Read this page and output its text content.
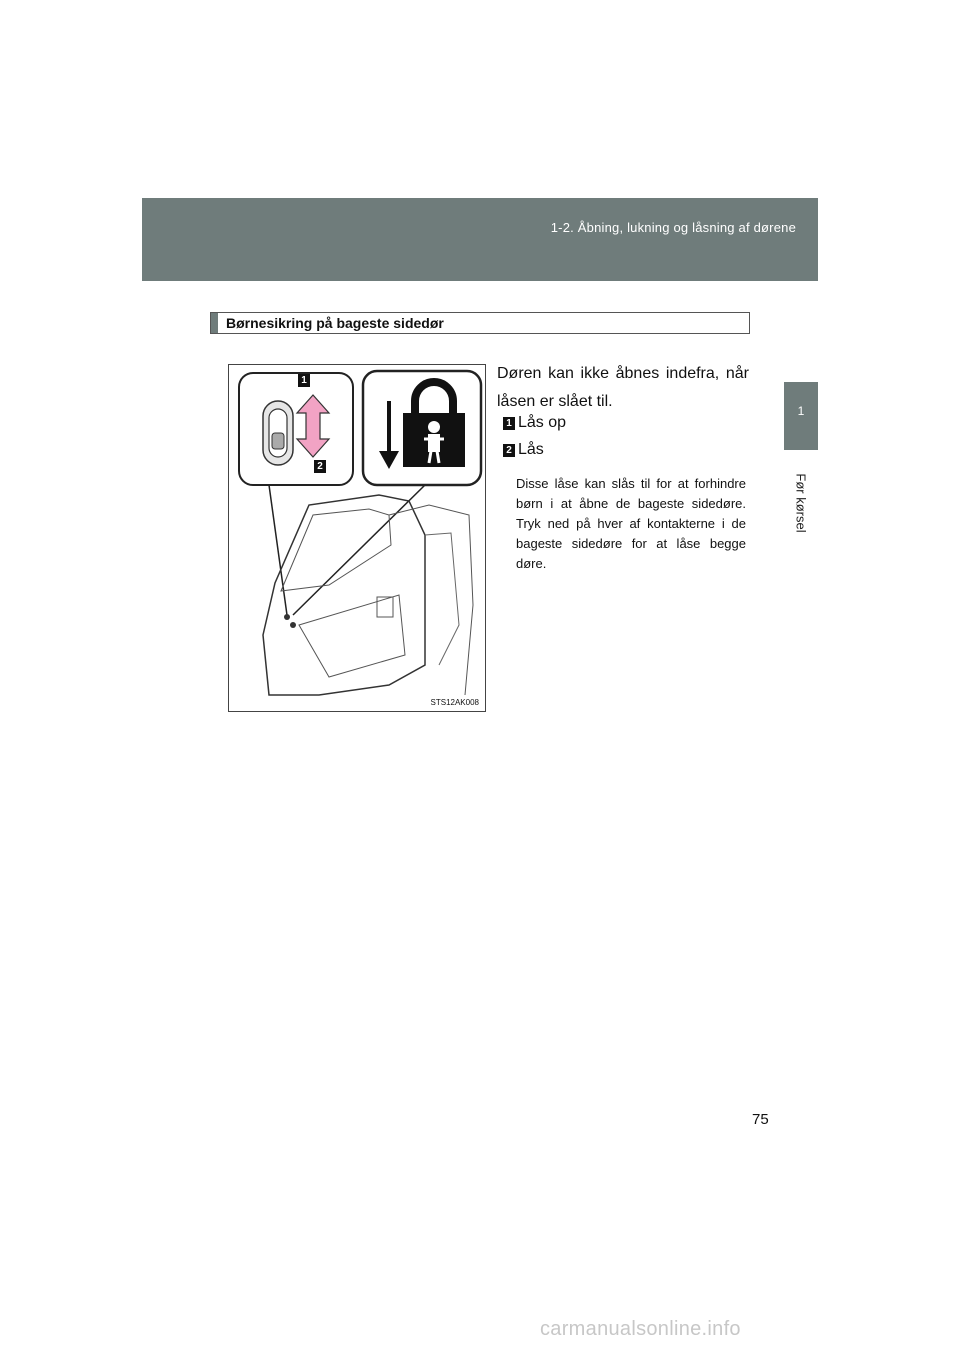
1-2. Åbning, lukning og låsning af dørene
1
Før kørsel
Børnesikring på bageste sidedør
1
2
STS12AK008
Døren kan ikke åbnes indefra, når låsen er slået til.
1 Lås op
2 Lås
Disse låse kan slås til for at forhindre børn i at åbne de bageste sidedøre. Tryk ned på hver af kontakterne i de bageste sidedøre for at låse begge døre.
75
carmanualsonline.info
